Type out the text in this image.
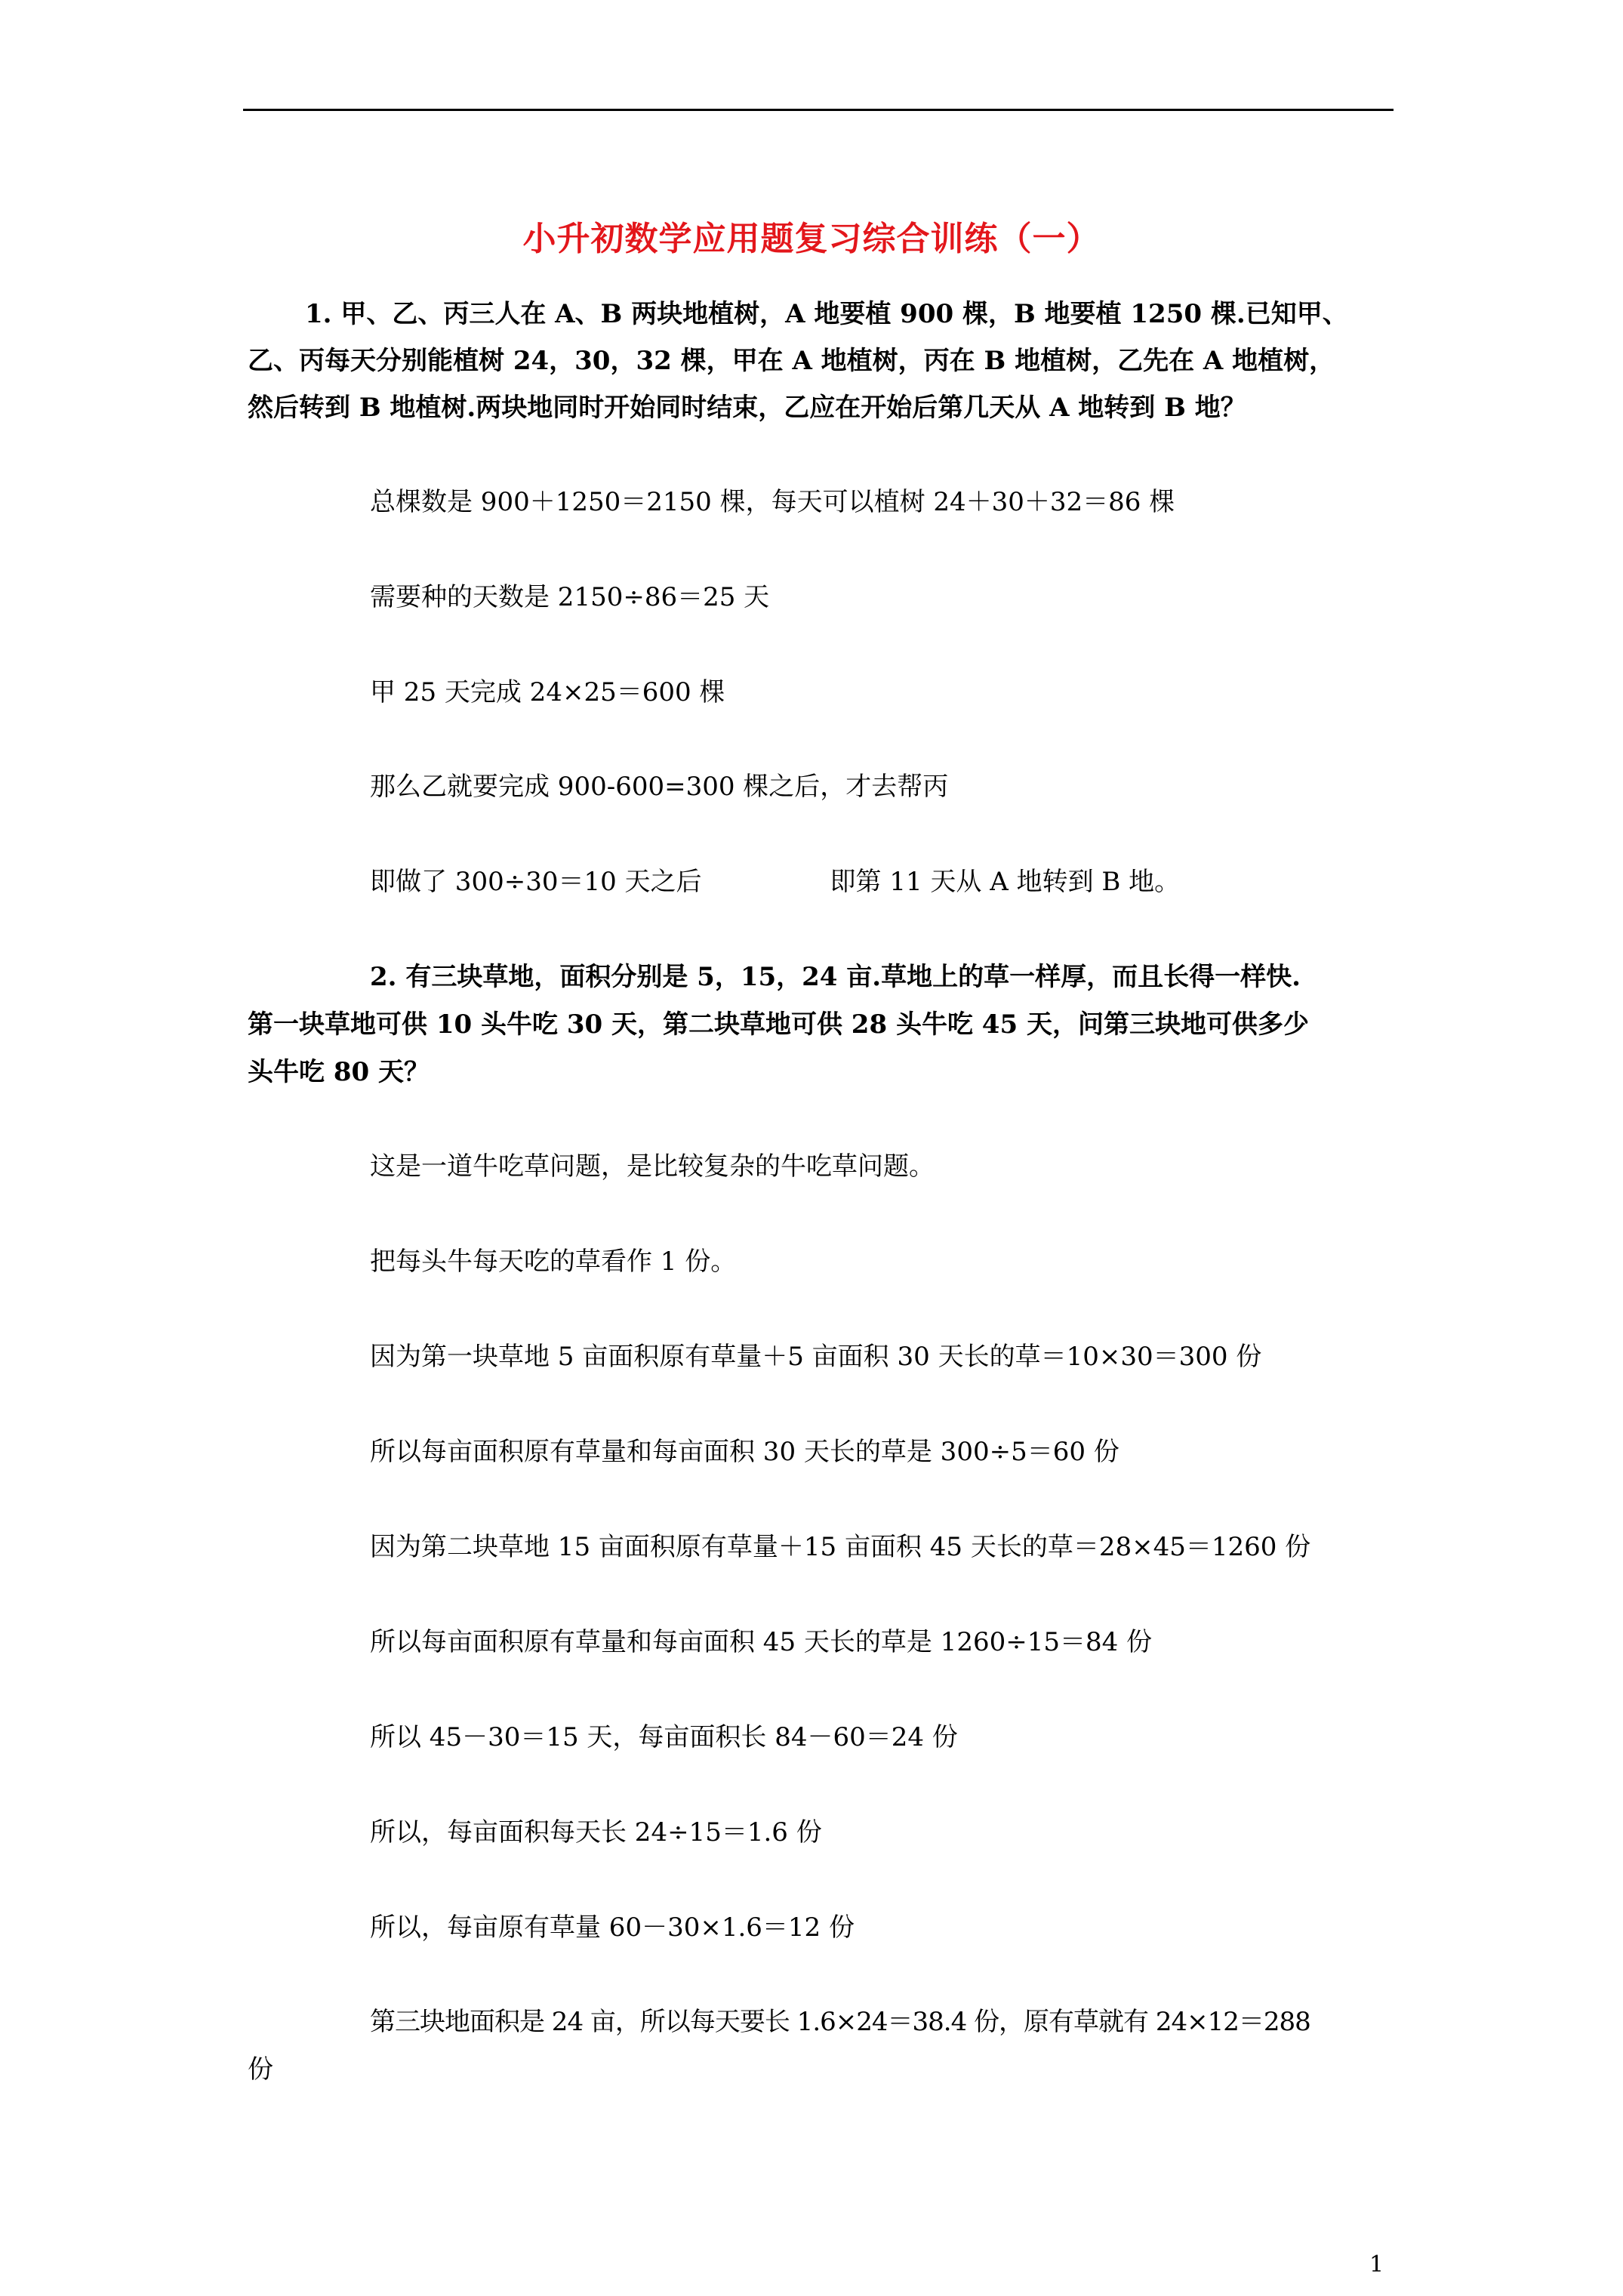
小升初数学应用题复习综合训练（一）
1. 甲、乙、丙三人在 A、B 两块地植树，A 地要植 900 棵，B 地要植 1250 棵.已知甲、
乙、丙每天分别能植树 24，30，32 棵，甲在 A 地植树，丙在 B 地植树，乙先在 A 地植树，
然后转到 B 地植树.两块地同时开始同时结束，乙应在开始后第几天从 A 地转到 B 地？
总棵数是 900＋1250＝2150 棵，每天可以植树 24＋30＋32＝86 棵
需要种的天数是 2150÷86＝25 天
甲 25 天完成 24×25＝600 棵
那么乙就要完成 900-600=300 棵之后，才去帮丙
即做了 300÷30＝10 天之后	即第 11 天从 A 地转到 B 地。
2. 有三块草地，面积分别是 5，15，24 亩.草地上的草一样厚，而且长得一样快.
第一块草地可供 10 头牛吃 30 天，第二块草地可供 28 头牛吃 45 天，问第三块地可供多少
头牛吃 80 天？
这是一道牛吃草问题，是比较复杂的牛吃草问题。
把每头牛每天吃的草看作 1 份。
因为第一块草地 5 亩面积原有草量＋5 亩面积 30 天长的草＝10×30＝300 份
所以每亩面积原有草量和每亩面积 30 天长的草是 300÷5＝60 份
因为第二块草地 15 亩面积原有草量＋15 亩面积 45 天长的草＝28×45＝1260 份
所以每亩面积原有草量和每亩面积 45 天长的草是 1260÷15＝84 份
所以 45－30＝15 天，每亩面积长 84－60＝24 份
所以，每亩面积每天长 24÷15＝1.6 份
所以，每亩原有草量 60－30×1.6＝12 份
第三块地面积是 24 亩，所以每天要长 1.6×24＝38.4 份，原有草就有 24×12＝288
份
1
